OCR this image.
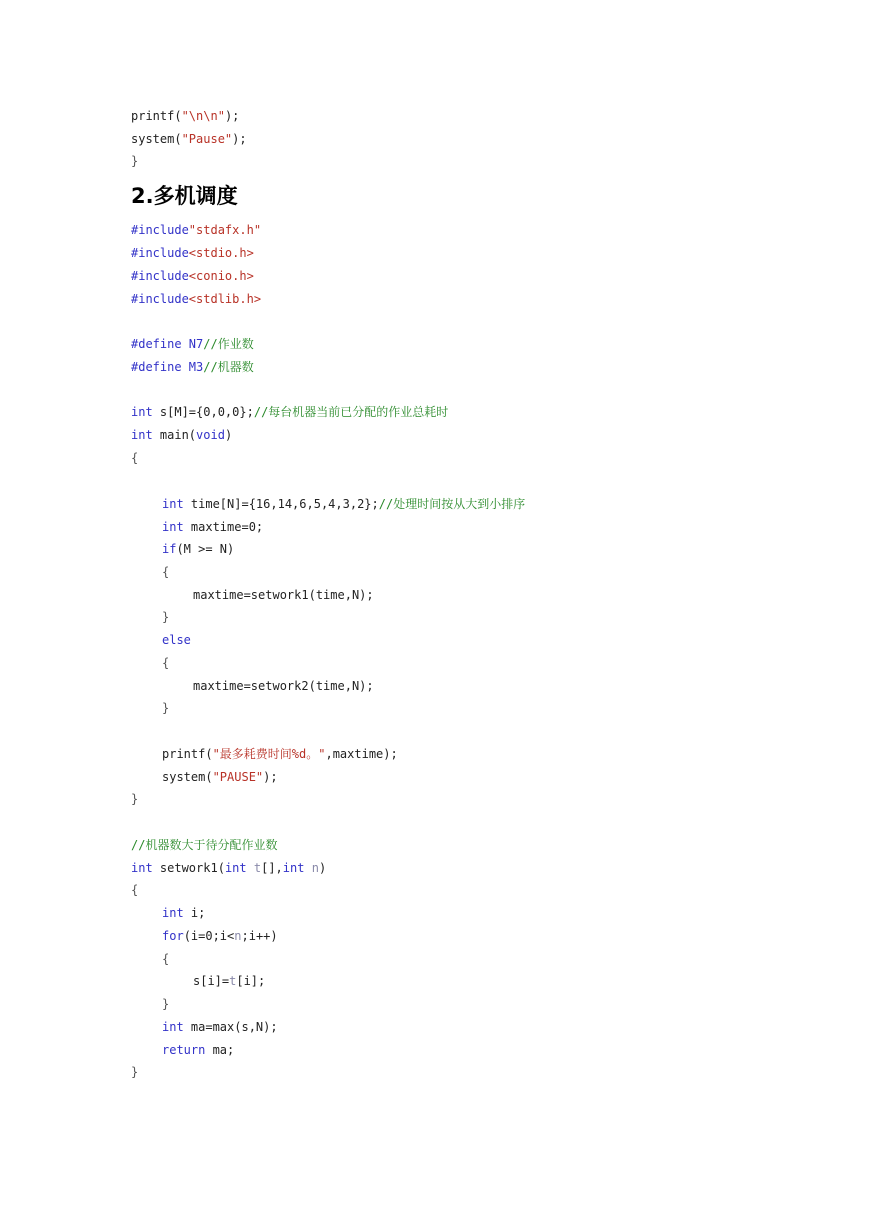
2.多机调度
printf("\n\n");
system("Pause");
}
#include"stdafx.h"
#include<stdio.h>
#include<conio.h>
#include<stdlib.h>
#define N7//作业数
#define M3//机器数
int s[M]={0,0,0};//每台机器当前已分配的作业总耗时
int main(void)
{
int time[N]={16,14,6,5,4,3,2};//处理时间按从大到小排序
int maxtime=0;
if(M >= N)
{
maxtime=setwork1(time,N);
}
else
{
maxtime=setwork2(time,N);
}
printf("最多耗费时间%d。",maxtime);
system("PAUSE");
}
//机器数大于待分配作业数
int setwork1(int t[],int n)
{
int i;
for(i=0;i<n;i++)
{
s[i]=t[i];
}
int ma=max(s,N);
return ma;
}
